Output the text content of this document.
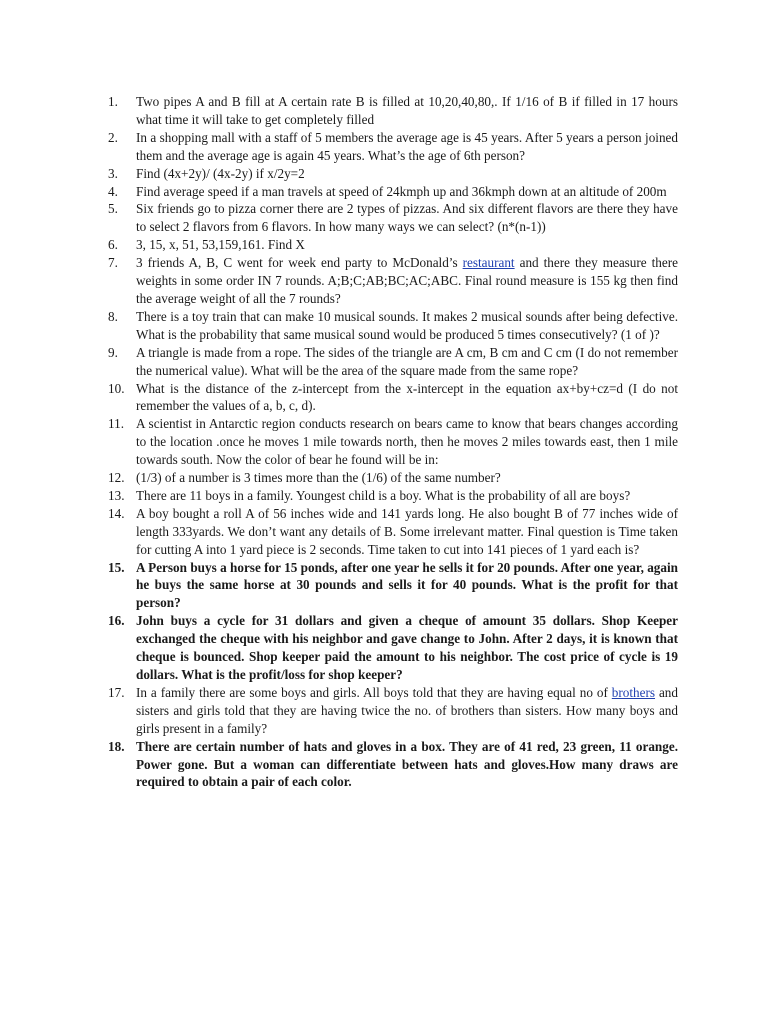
1.	Two pipes A and B fill at A certain rate B is filled at 10,20,40,80,. If 1/16 of B if filled in 17 hours what time it will take to get completely filled
2.	In a shopping mall with a staff of 5 members the average age is 45 years. After 5 years a person joined them and the average age is again 45 years. What’s the age of 6th person?
3.	Find (4x+2y)/ (4x-2y) if x/2y=2
4.	Find average speed if a man travels at speed of 24kmph up and 36kmph down at an altitude of 200m
5.	Six friends go to pizza corner there are 2 types of pizzas. And six different flavors are there they have to select 2 flavors from 6 flavors. In how many ways we can select? (n*(n-1))
6.	3, 15, x, 51, 53,159,161. Find X
7.	3 friends A, B, C went for week end party to McDonald’s restaurant and there they measure there weights in some order IN 7 rounds. A;B;C;AB;BC;AC;ABC. Final round measure is 155 kg then find the average weight of all the 7 rounds?
8.	There is a toy train that can make 10 musical sounds. It makes 2 musical sounds after being defective. What is the probability that same musical sound would be produced 5 times consecutively? (1 of )?
9.	A triangle is made from a rope. The sides of the triangle are A cm, B cm and C cm (I do not remember the numerical value). What will be the area of the square made from the same rope?
10. What is the distance of the z-intercept from the x-intercept in the equation ax+by+cz=d (I do not remember the values of a, b, c, d).
11. A scientist in Antarctic region conducts research on bears came to know that bears changes according to the location .once he moves 1 mile towards north, then he moves 2 miles towards east, then 1 mile towards south. Now the color of bear he found will be in:
12. (1/3) of a number is 3 times more than the (1/6) of the same number?
13. There are 11 boys in a family. Youngest child is a boy. What is the probability of all are boys?
14. A boy bought a roll A of 56 inches wide and 141 yards long. He also bought B of 77 inches wide of length 333yards. We don’t want any details of B. Some irrelevant matter. Final question is Time taken for cutting A into 1 yard piece is 2 seconds. Time taken to cut into 141 pieces of 1 yard each is?
15. A Person buys a horse for 15 ponds, after one year he sells it for 20 pounds. After one year, again he buys the same horse at 30 pounds and sells it for 40 pounds. What is the profit for that person?
16. John buys a cycle for 31 dollars and given a cheque of amount 35 dollars. Shop Keeper exchanged the cheque with his neighbor and gave change to John. After 2 days, it is known that cheque is bounced. Shop keeper paid the amount to his neighbor. The cost price of cycle is 19 dollars. What is the profit/loss for shop keeper?
17. In a family there are some boys and girls. All boys told that they are having equal no of brothers and sisters and girls told that they are having twice the no. of brothers than sisters. How many boys and girls present in a family?
18. There are certain number of hats and gloves in a box. They are of 41 red, 23 green, 11 orange. Power gone. But a woman can differentiate between hats and gloves.How many draws are required to obtain a pair of each color.
